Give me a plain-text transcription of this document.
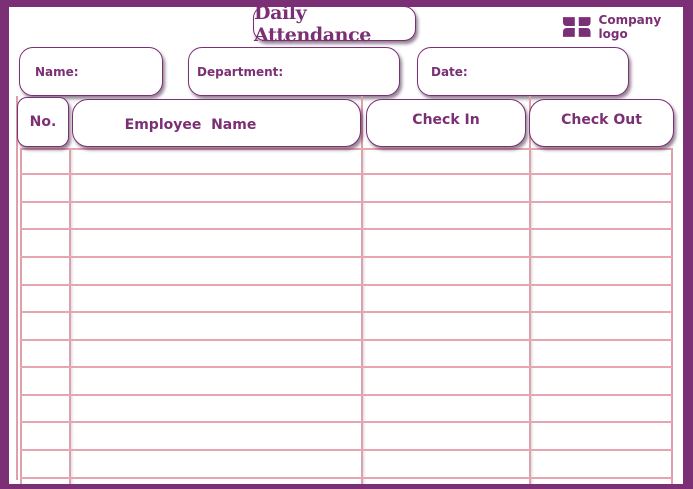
Daily Attendance
Company logo
Name:	Department:	Date:
No.	Employee  Name	Check In	Check Out
